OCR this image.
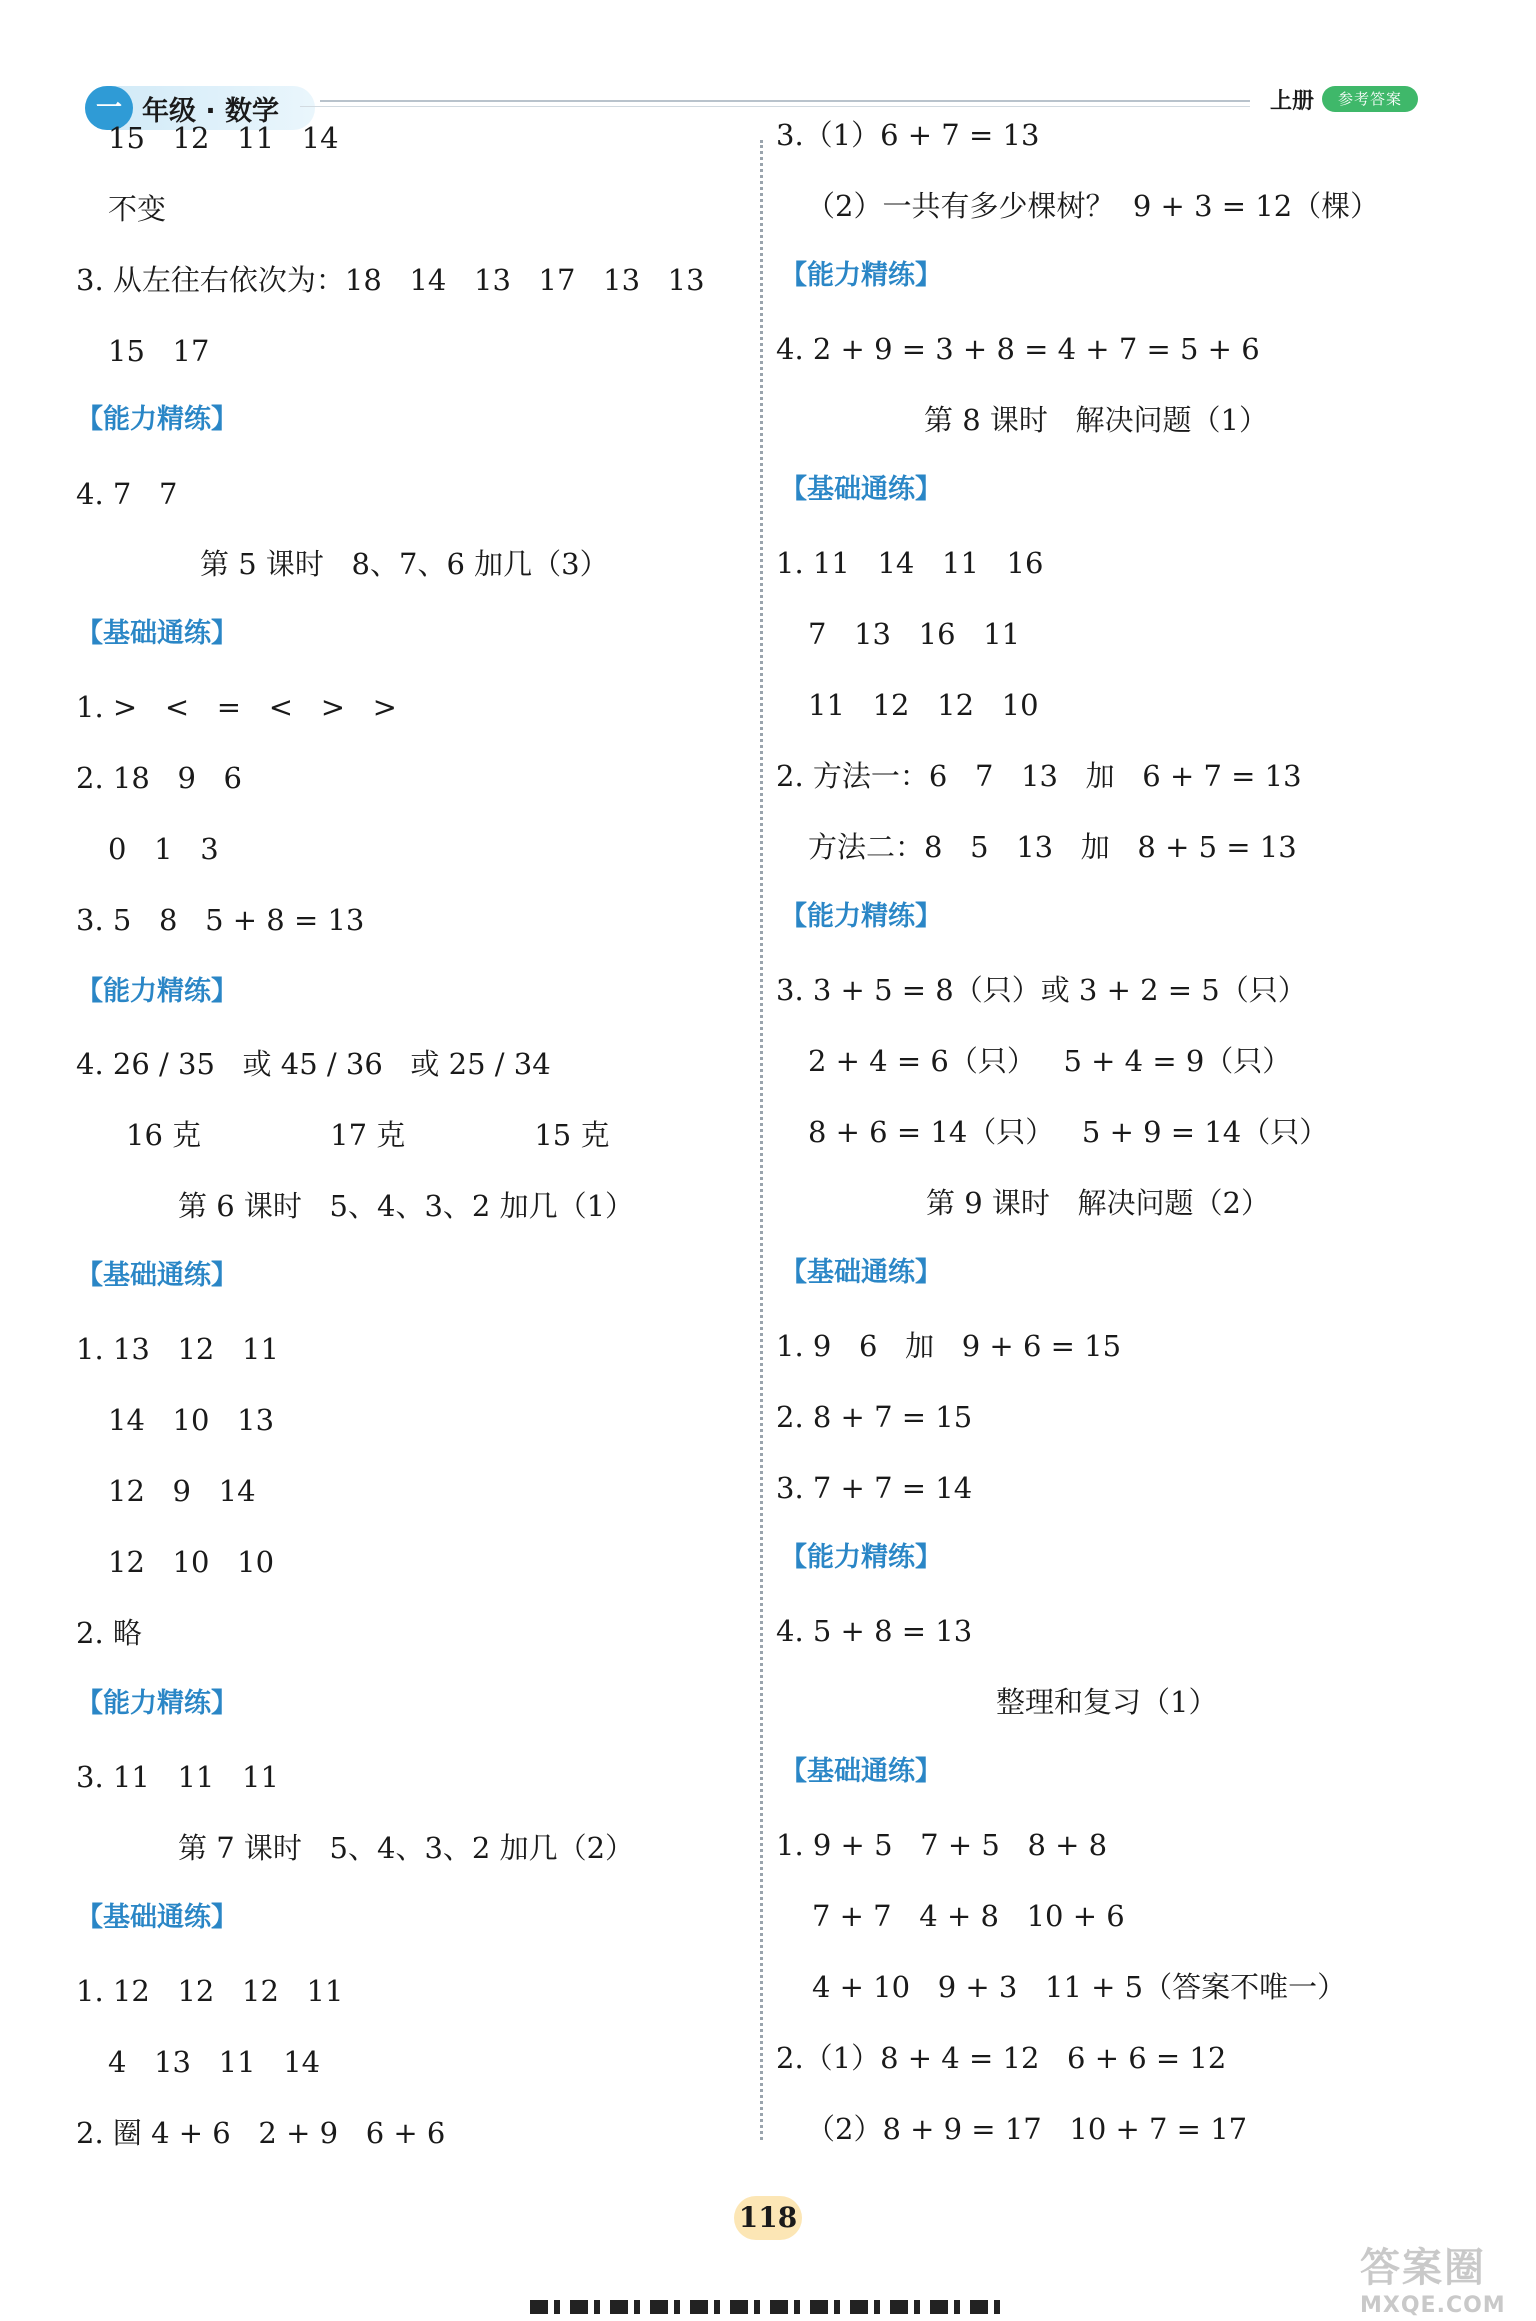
一 年级 · 数学	上册	参考答案
15   12   11   14
不变
3. 从左往右依次为：18   14   13   17   13   13
15   17
【能力精练】
4. 7   7
第 5 课时   8、7、6 加几（3）
【基础通练】
1. >   <   =   <   >   >
2. 18   9   6
0   1   3
3. 5   8   5 + 8 = 13
【能力精练】
4. 26 / 35   或 45 / 36   或 25 / 34
16 克              17 克              15 克
第 6 课时   5、4、3、2 加几（1）
【基础通练】
1. 13   12   11
14   10   13
12   9   14
12   10   10
2. 略
【能力精练】
3. 11   11   11
第 7 课时   5、4、3、2 加几（2）
【基础通练】
1. 12   12   12   11
4   13   11   14
2. 圈 4 + 6   2 + 9   6 + 6
3.（1）6 + 7 = 13
（2）一共有多少棵树？  9 + 3 = 12（棵）
【能力精练】
4. 2 + 9 = 3 + 8 = 4 + 7 = 5 + 6
第 8 课时   解决问题（1）
【基础通练】
1. 11   14   11   16
7   13   16   11
11   12   12   10
2. 方法一：6   7   13   加   6 + 7 = 13
方法二：8   5   13   加   8 + 5 = 13
【能力精练】
3. 3 + 5 = 8（只）或 3 + 2 = 5（只）
2 + 4 = 6（只）   5 + 4 = 9（只）
8 + 6 = 14（只）   5 + 9 = 14（只）
第 9 课时   解决问题（2）
【基础通练】
1. 9   6   加   9 + 6 = 15
2. 8 + 7 = 15
3. 7 + 7 = 14
【能力精练】
4. 5 + 8 = 13
整理和复习（1）
【基础通练】
1. 9 + 5   7 + 5   8 + 8
7 + 7   4 + 8   10 + 6
4 + 10   9 + 3   11 + 5（答案不唯一）
2.（1）8 + 4 = 12   6 + 6 = 12
（2）8 + 9 = 17   10 + 7 = 17
118
答案圈
MXQE.COM
